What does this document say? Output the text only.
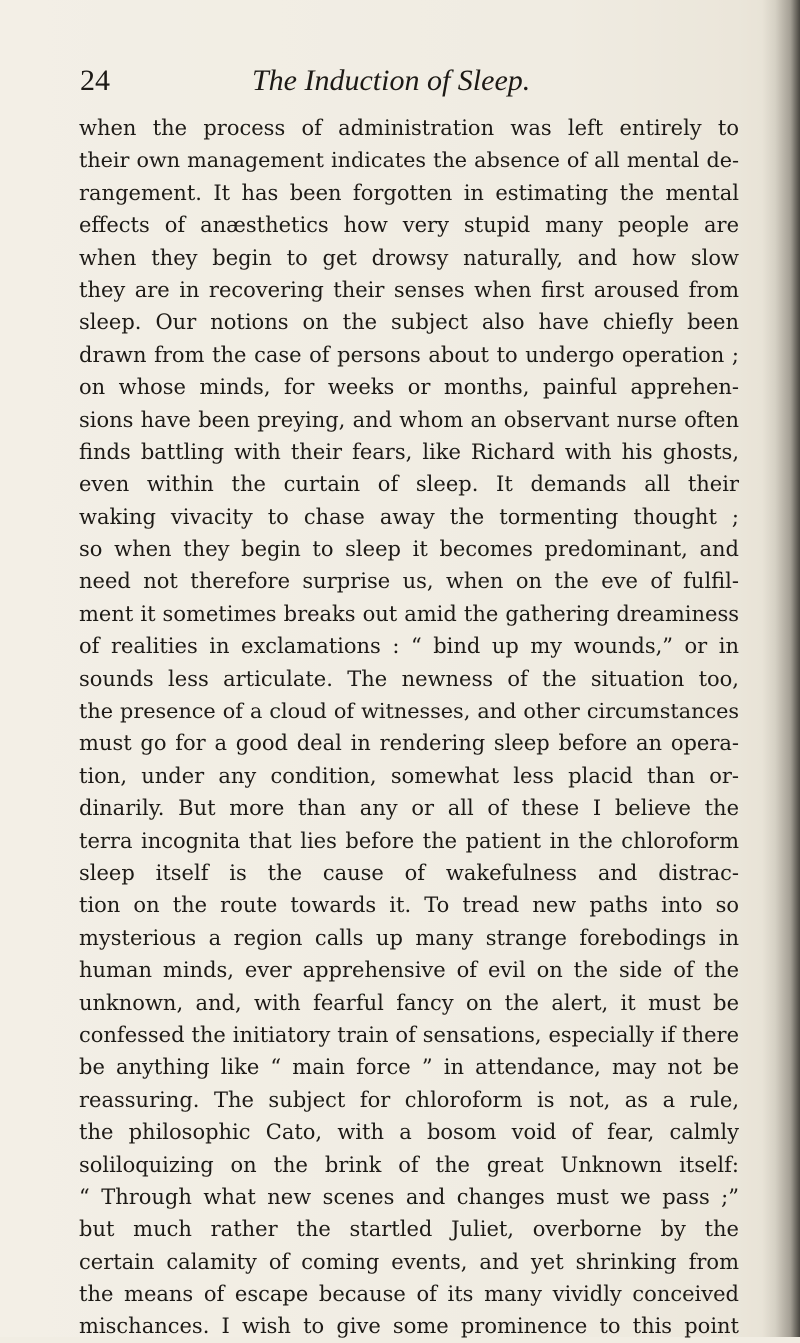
24	The Induction of Sleep.
when the process of administration was left entirely to
their own management indicates the absence of all mental de-
rangement. It has been forgotten in estimating the mental
effects of anæsthetics how very stupid many people are
when they begin to get drowsy naturally, and how slow
they are in recovering their senses when first aroused from
sleep. Our notions on the subject also have chiefly been
drawn from the case of persons about to undergo operation ;
on whose minds, for weeks or months, painful apprehen-
sions have been preying, and whom an observant nurse often
finds battling with their fears, like Richard with his ghosts,
even within the curtain of sleep. It demands all their
waking vivacity to chase away the tormenting thought ;
so when they begin to sleep it becomes predominant, and
need not therefore surprise us, when on the eve of fulfil-
ment it sometimes breaks out amid the gathering dreaminess
of realities in exclamations : “ bind up my wounds,” or in
sounds less articulate. The newness of the situation too,
the presence of a cloud of witnesses, and other circumstances
must go for a good deal in rendering sleep before an opera-
tion, under any condition, somewhat less placid than or-
dinarily. But more than any or all of these I believe the
terra incognita that lies before the patient in the chloroform
sleep itself is the cause of wakefulness and distrac-
tion on the route towards it. To tread new paths into so
mysterious a region calls up many strange forebodings in
human minds, ever apprehensive of evil on the side of the
unknown, and, with fearful fancy on the alert, it must be
confessed the initiatory train of sensations, especially if there
be anything like “ main force ” in attendance, may not be
reassuring. The subject for chloroform is not, as a rule,
the philosophic Cato, with a bosom void of fear, calmly
soliloquizing on the brink of the great Unknown itself:
“ Through what new scenes and changes must we pass ;”
but much rather the startled Juliet, overborne by the
certain calamity of coming events, and yet shrinking from
the means of escape because of its many vividly conceived
mischances. I wish to give some prominence to this point
